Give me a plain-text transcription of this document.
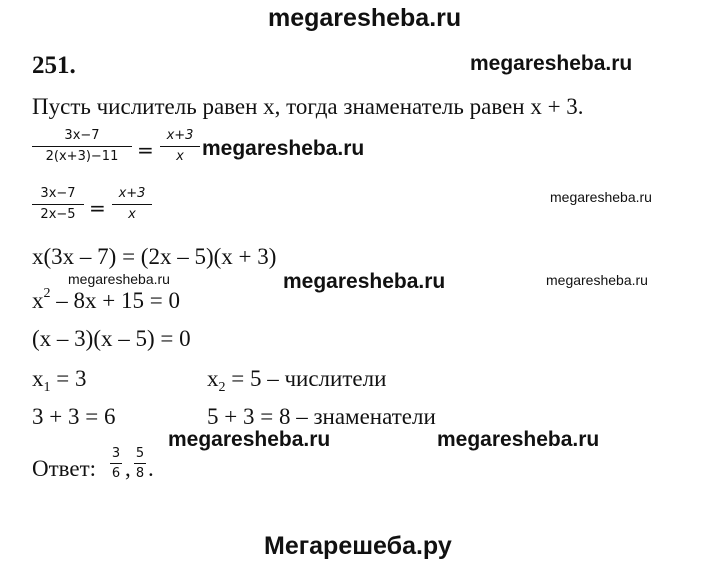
megaresheba.ru
megaresheba.ru
megaresheba.ru
megaresheba.ru	megaresheba.ru	megaresheba.ru
megaresheba.ru	megaresheba.ru
Мегарешеба.ру
251.
Пусть числитель равен x, тогда знаменатель равен x + 3.
3x−7
2(x+3)−11 =
x+3
x megaresheba.ru
3x−7
2x−5 =
x+3
x
x(3x – 7) = (2x – 5)(x + 3)
$x^2 - 8x + 15 = 0$
(x – 3)(x – 5) = 0
$x_1 = 3$	$x_2 = 5$ – числители
3 + 3 = 6	5 + 3 = 8 – знаменатели
Ответ:
3
6 ,
5
8 .
